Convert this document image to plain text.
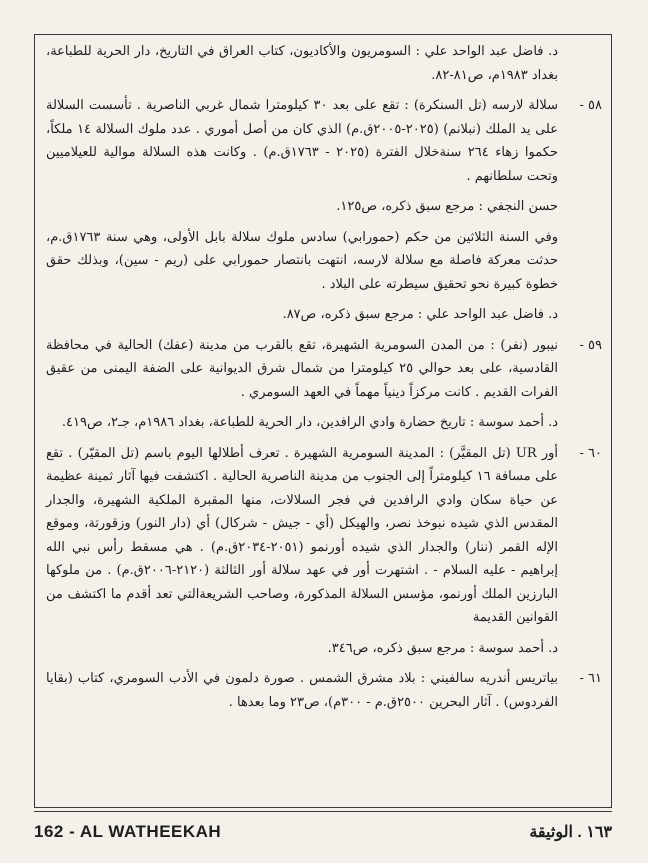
د. فاضل عبد الواحد علي : السومريون والأكاديون، كتاب العراق في التاريخ، دار الحرية للطباعة، بغداد ١٩٨٣م، ص٨١-٨٢.

٥٨ -

سلالة لارسه (تل السنكرة) : تقع على بعد ٣٠ كيلومترا شمال غربي الناصرية . تأسست السلالة على يد الملك (نبلانم) (٢٠٢٥-٢٠٠٥ق.م) الذي كان من أصل أموري . عدد ملوك السلالة ١٤ ملكاً، حكموا زهاء ٢٦٤ سنةخلال الفترة (٢٠٢٥ - ١٧٦٣ق.م) . وكانت هذه السلالة موالية للعيلاميين وتحت سلطانهم .

حسن النجفي : مرجع سبق ذكره، ص١٢٥.

وفي السنة الثلاثين من حكم (حمورابي) سادس ملوك سلالة بابل الأولى، وهي سنة ١٧٦٣ق.م، حدثت معركة فاصلة مع سلالة لارسه، انتهت بانتصار حمورابي على (ريم - سين)، وبذلك حقق خطوة كبيرة نحو تحقيق سيطرته على البلاد .

د. فاضل عبد الواحد علي : مرجع سبق ذكره، ص٨٧.

٥٩ -

نيبور (نفر) : من المدن السومرية الشهيرة، تقع بالقرب من مدينة (عفك) الحالية في محافظة القادسية، على بعد حوالي ٢٥ كيلومترا من شمال شرق الديوانية على الضفة اليمنى من عقيق الفرات القديم . كانت مركزاً دينياً مهماً في العهد السومري .

د. أحمد سوسة : تاريخ حضارة وادي الرافدين، دار الحرية للطباعة، بغداد ١٩٨٦م، جـ٢، ص٤١٩.

٦٠ -

أور UR (تل المقيَّر) : المدينة السومرية الشهيرة . تعرف أطلالها اليوم باسم (تل المقيّر) . تقع على مسافة ١٦ كيلومتراً إلى الجنوب من مدينة الناصرية الحالية . اكتشفت فيها آثار ثمينة عظيمة عن حياة سكان وادي الرافدين في فجر السلالات، منها المقبرة الملكية الشهيرة، والجدار المقدس الذي شيده نبوخذ نصر، والهيكل (أي - جيش - شركال) أي (دار النور) وزقورتة، وموقع الإله القمر (ننار) والجدار الذي شيده أورنمو (٢٠٥١-٢٠٣٤ق.م) . هي مسقط رأس نبي الله إبراهيم - عليه السلام - . اشتهرت أور في عهد سلالة أور الثالثة (٢١٢٠-٢٠٠٦ق.م) . من ملوكها البارزين الملك أورنمو، مؤسس السلالة المذكورة، وصاحب الشريعةالتي تعد أقدم ما اكتشف من القوانين القديمة

د. أحمد سوسة : مرجع سبق ذكره، ص٣٤٦.

٦١ -

بياتريس أندريه سالفيني : بلاد مشرق الشمس . صورة دلمون في الأدب السومري، كتاب (بقايا الفردوس) . آثار البحرين ٢٥٠٠ق.م - ٣٠٠م)، ص٢٣ وما بعدها .

162 - AL WATHEEKAH	١٦٣ . الوثيقة
